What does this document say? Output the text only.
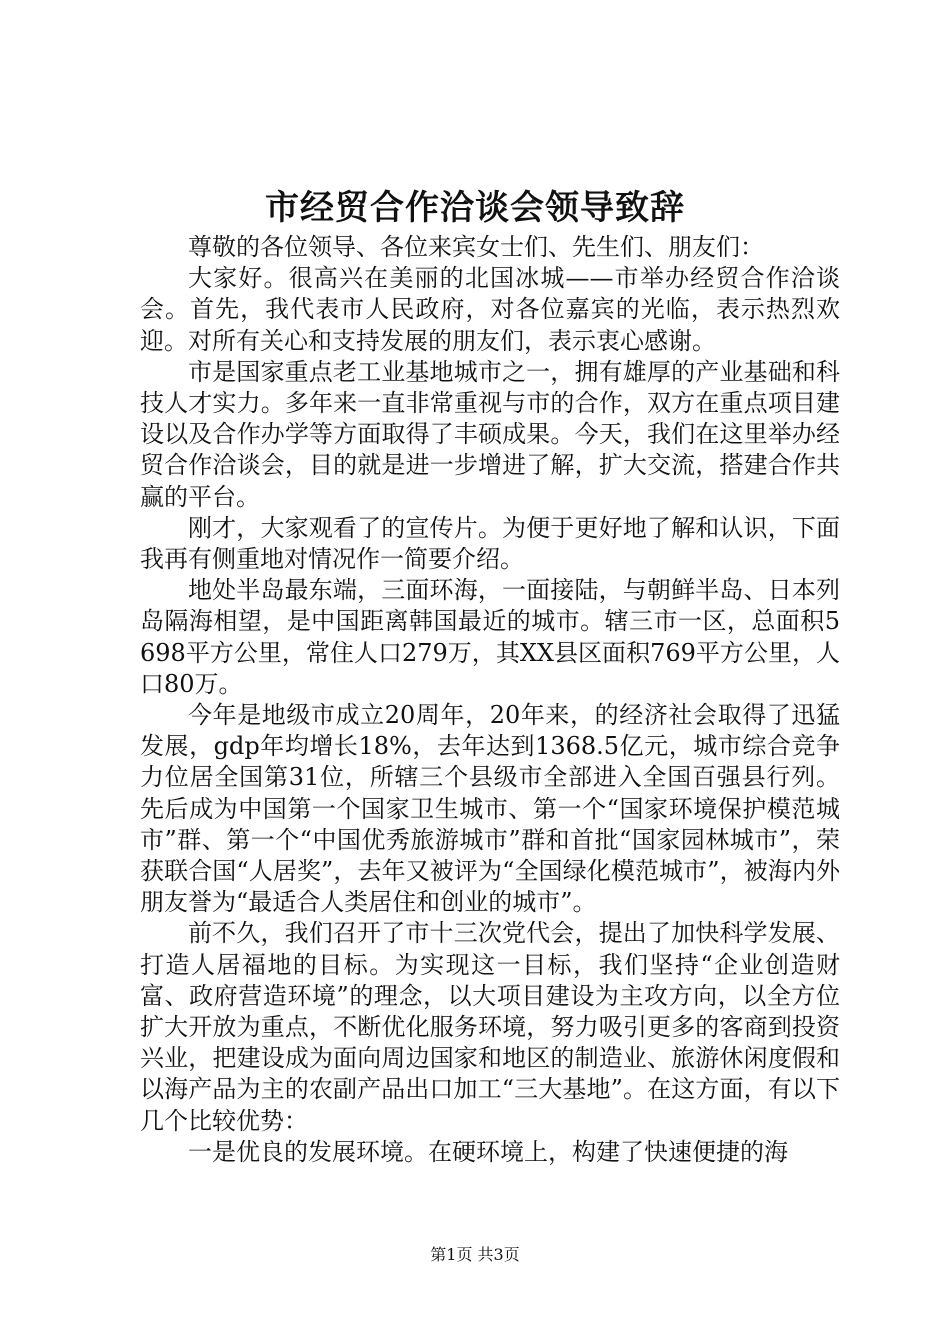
市经贸合作洽谈会领导致辞

尊敬的各位领导、各位来宾女士们、先生们、朋友们：

大家好。很高兴在美丽的北国冰城——市举办经贸合作洽谈会。首先，我代表市人民政府，对各位嘉宾的光临，表示热烈欢迎。对所有关心和支持发展的朋友们，表示衷心感谢。

市是国家重点老工业基地城市之一，拥有雄厚的产业基础和科技人才实力。多年来一直非常重视与市的合作，双方在重点项目建设以及合作办学等方面取得了丰硕成果。今天，我们在这里举办经贸合作洽谈会，目的就是进一步增进了解，扩大交流，搭建合作共赢的平台。

刚才，大家观看了的宣传片。为便于更好地了解和认识，下面我再有侧重地对情况作一简要介绍。

地处半岛最东端，三面环海，一面接陆，与朝鲜半岛、日本列岛隔海相望，是中国距离韩国最近的城市。辖三市一区，总面积5698平方公里，常住人口279万，其XX县区面积769平方公里，人口80万。

今年是地级市成立20周年，20年来，的经济社会取得了迅猛发展，gdp年均增长18%，去年达到1368.5亿元，城市综合竞争力位居全国第31位，所辖三个县级市全部进入全国百强县行列。先后成为中国第一个国家卫生城市、第一个“国家环境保护模范城市”群、第一个“中国优秀旅游城市”群和首批“国家园林城市”，荣获联合国“人居奖”，去年又被评为“全国绿化模范城市”，被海内外朋友誉为“最适合人类居住和创业的城市”。

前不久，我们召开了市十三次党代会，提出了加快科学发展、打造人居福地的目标。为实现这一目标，我们坚持“企业创造财富、政府营造环境”的理念，以大项目建设为主攻方向，以全方位扩大开放为重点，不断优化服务环境，努力吸引更多的客商到投资兴业，把建设成为面向周边国家和地区的制造业、旅游休闲度假和以海产品为主的农副产品出口加工“三大基地”。在这方面，有以下几个比较优势：

一是优良的发展环境。在硬环境上，构建了快速便捷的海

第1页 共3页
